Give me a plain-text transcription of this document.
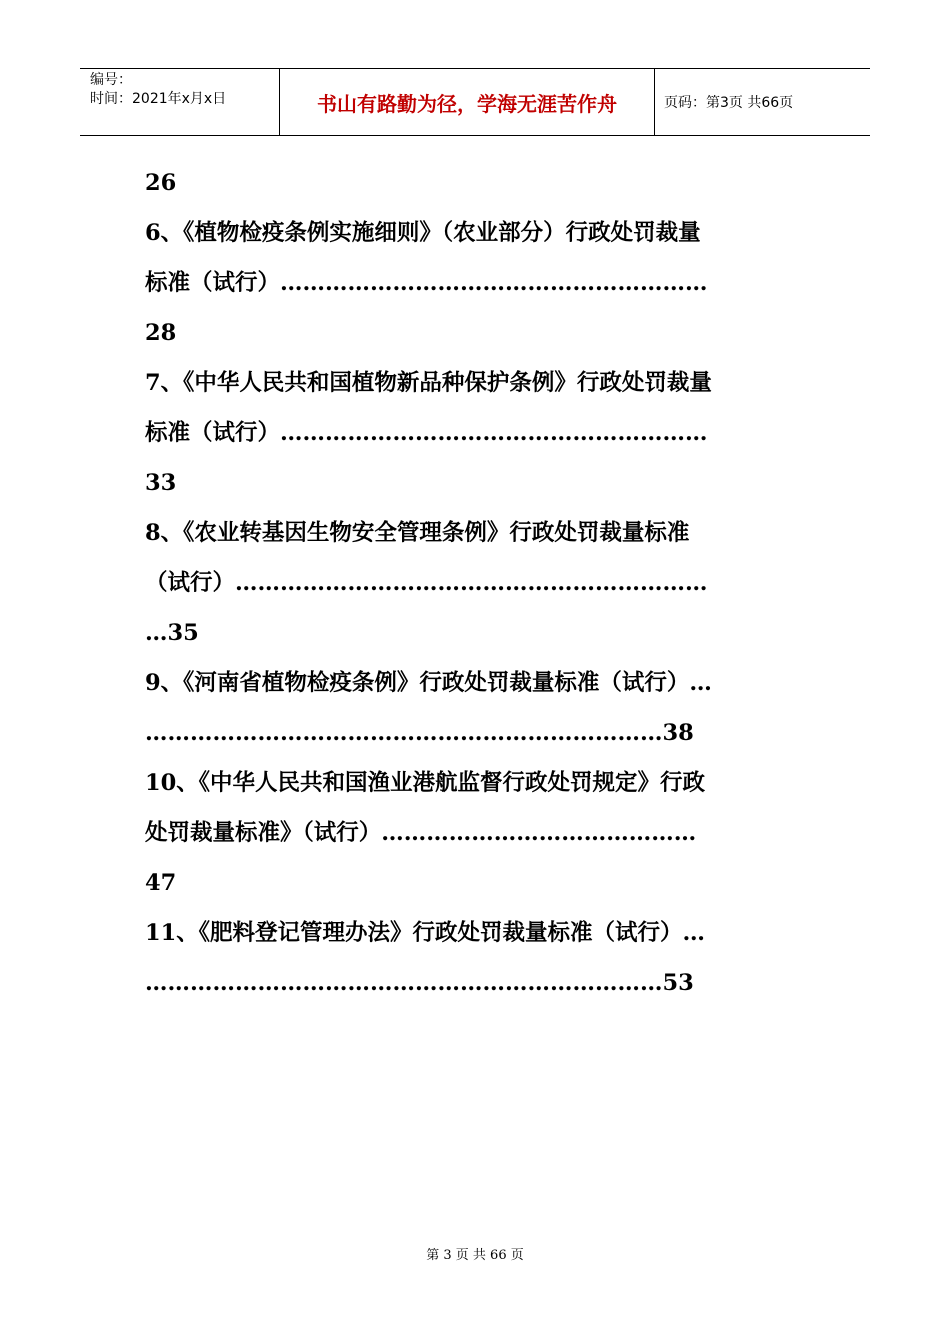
编号：
时间：2021年x月x日	书山有路勤为径，学海无涯苦作舟	页码：第3页 共66页
26
6、《植物检疫条例实施细则》（农业部分）行政处罚裁量
标准（试行）…………………………………………………
28
7、《中华人民共和国植物新品种保护条例》行政处罚裁量
标准（试行）…………………………………………………
33
8、《农业转基因生物安全管理条例》行政处罚裁量标准
（试行）………………………………………………………
…35
9、《河南省植物检疫条例》行政处罚裁量标准（试行）…
……………………………………………………………38
10、《中华人民共和国渔业港航监督行政处罚规定》行政
处罚裁量标准》（试行）……………………………………
47
11、《肥料登记管理办法》行政处罚裁量标准（试行）…
……………………………………………………………53
第 3 页 共 66 页
